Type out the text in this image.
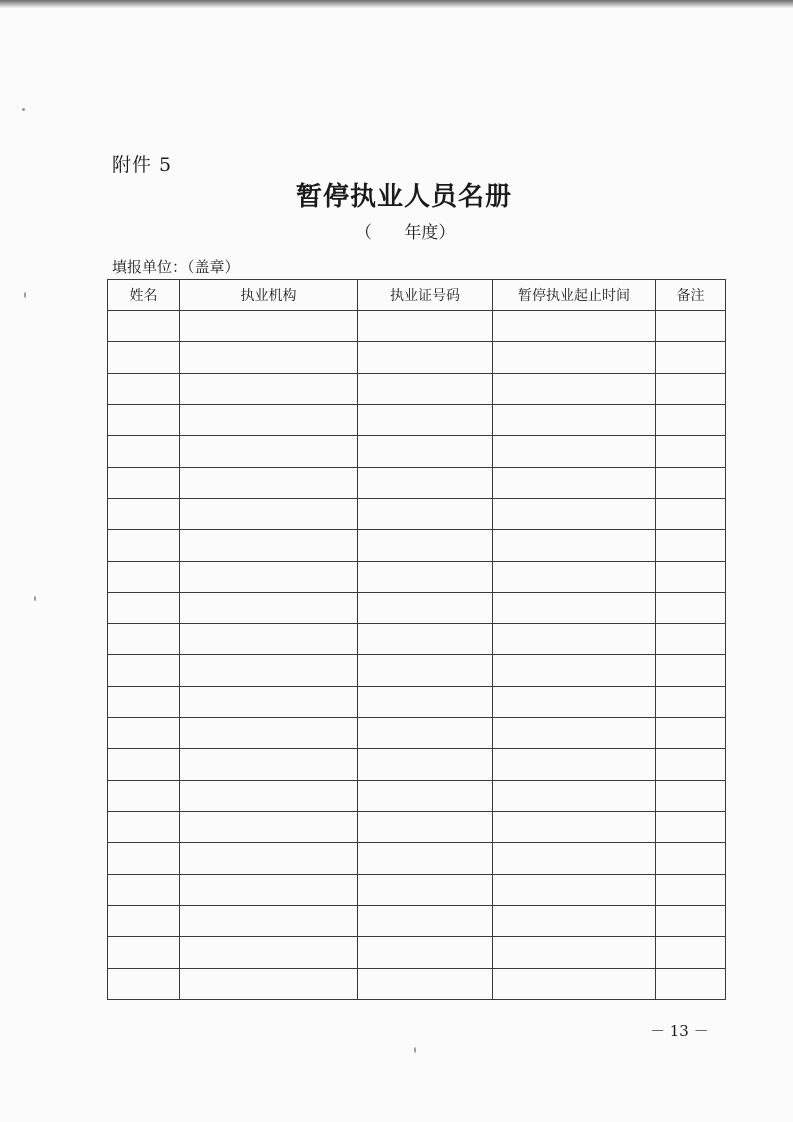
附件 5
暂停执业人员名册
（      年度）
填报单位：（盖章）
姓名	执业机构	执业证号码	暂停执业起止时间	备注

－ 13 －
